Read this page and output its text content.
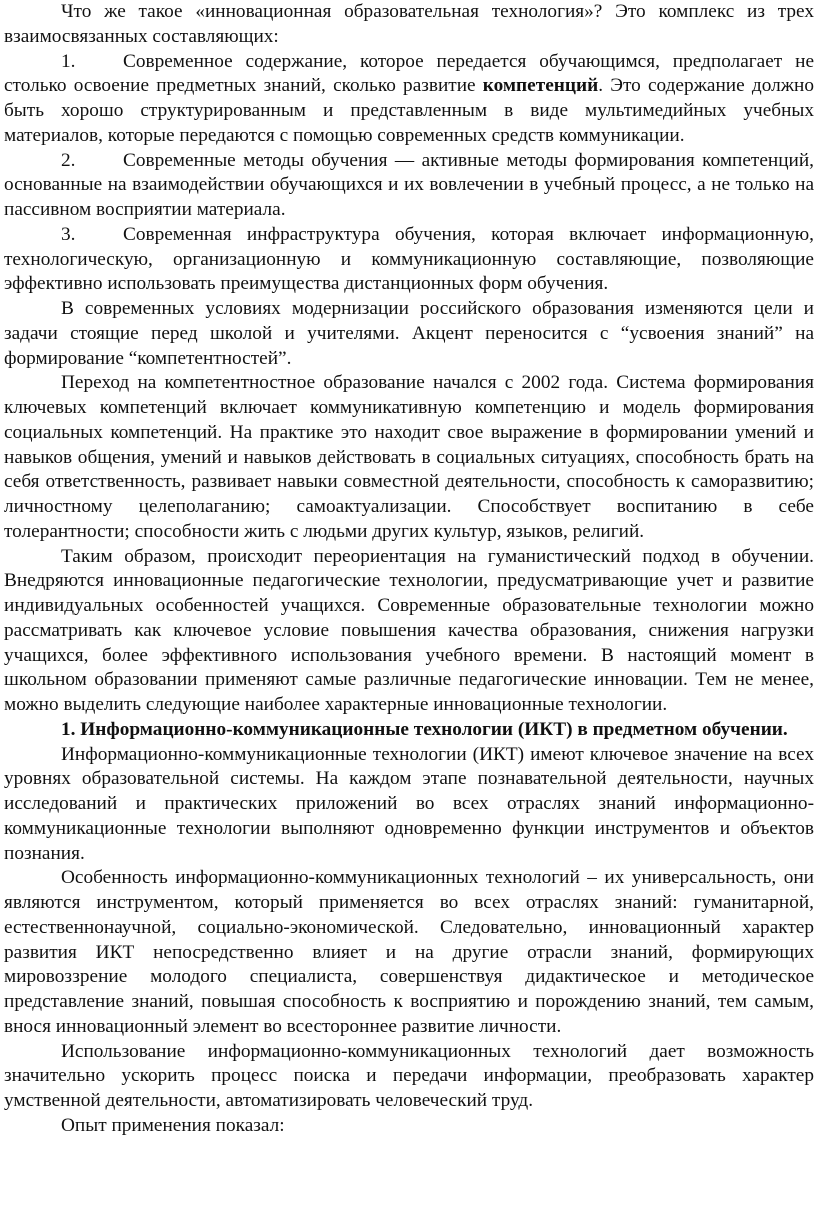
Что же такое «инновационная образовательная технология»? Это комплекс из трех взаимосвязанных составляющих:

1. Современное содержание, которое передается обучающимся, предполагает не столько освоение предметных знаний, сколько развитие компетенций. Это содержание должно быть хорошо структурированным и представленным в виде мультимедийных учебных материалов, которые передаются с помощью современных средств коммуникации.

2. Современные методы обучения — активные методы формирования компетенций, основанные на взаимодействии обучающихся и их вовлечении в учебный процесс, а не только на пассивном восприятии материала.

3. Современная инфраструктура обучения, которая включает информационную, технологическую, организационную и коммуникационную составляющие, позволяющие эффективно использовать преимущества дистанционных форм обучения.

В современных условиях модернизации российского образования изменяются цели и задачи стоящие перед школой и учителями. Акцент переносится с “усвоения знаний” на формирование “компетентностей”.

Переход на компетентностное образование начался с 2002 года. Система формирования ключевых компетенций включает коммуникативную компетенцию и модель формирования социальных компетенций. На практике это находит свое выражение в формировании умений и навыков общения, умений и навыков действовать в социальных ситуациях, способность брать на себя ответственность, развивает навыки совместной деятельности, способность к саморазвитию; личностному целеполаганию; самоактуализации. Способствует воспитанию в себе толерантности; способности жить с людьми других культур, языков, религий.

Таким образом, происходит переориентация на гуманистический подход в обучении. Внедряются инновационные педагогические технологии, предусматривающие учет и развитие индивидуальных особенностей учащихся. Современные образовательные технологии можно рассматривать как ключевое условие повышения качества образования, снижения нагрузки учащихся, более эффективного использования учебного времени. В настоящий момент в школьном образовании применяют самые различные педагогические инновации. Тем не менее, можно выделить следующие наиболее характерные инновационные технологии.

1. Информационно-коммуникационные технологии (ИКТ) в предметном обучении.

Информационно-коммуникационные технологии (ИКТ) имеют ключевое значение на всех уровнях образовательной системы. На каждом этапе познавательной деятельности, научных исследований и практических приложений во всех отраслях знаний информационно-коммуникационные технологии выполняют одновременно функции инструментов и объектов познания.

Особенность информационно-коммуникационных технологий – их универсальность, они являются инструментом, который применяется во всех отраслях знаний: гуманитарной, естественнонаучной, социально-экономической. Следовательно, инновационный характер развития ИКТ непосредственно влияет и на другие отрасли знаний, формирующих мировоззрение молодого специалиста, совершенствуя дидактическое и методическое представление знаний, повышая способность к восприятию и порождению знаний, тем самым, внося инновационный элемент во всестороннее развитие личности.

Использование информационно-коммуникационных технологий дает возможность значительно ускорить процесс поиска и передачи информации, преобразовать характер умственной деятельности, автоматизировать человеческий труд.

Опыт применения показал:
